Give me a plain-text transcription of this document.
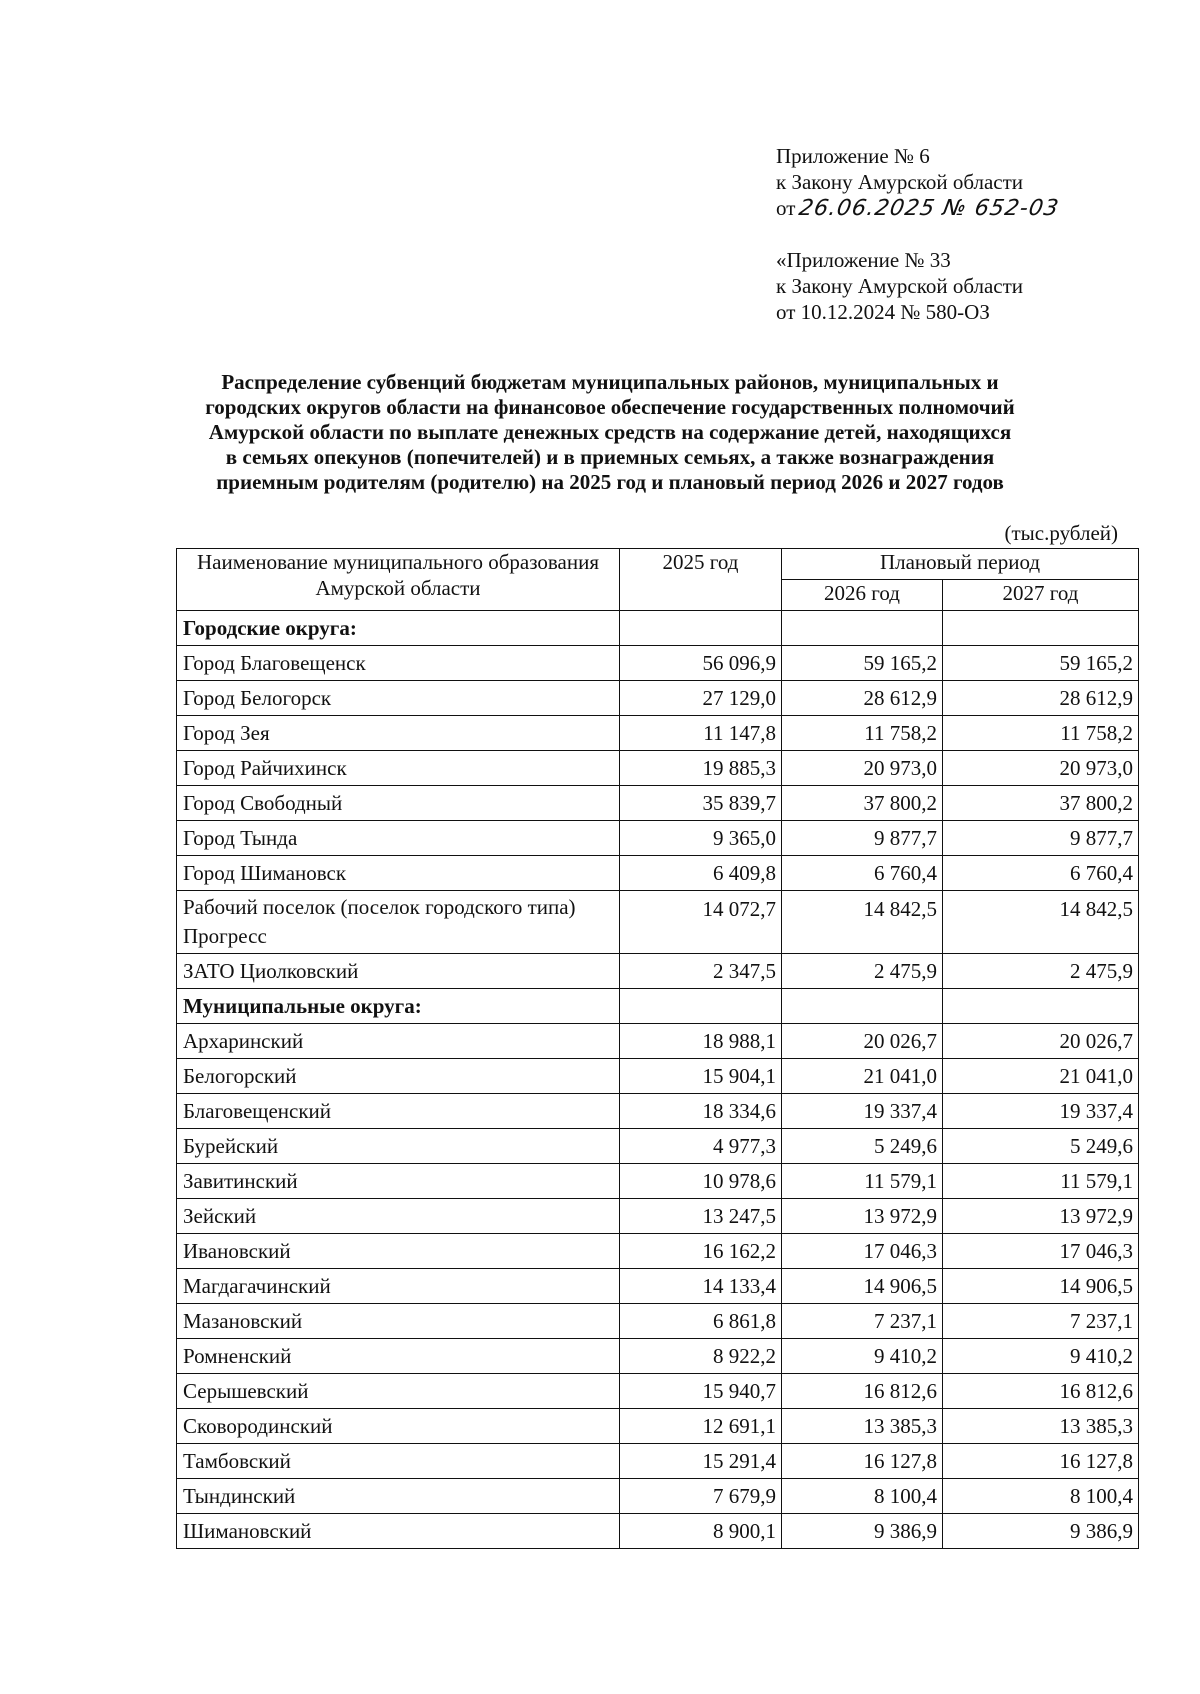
Приложение № 6
к Закону Амурской области
от26.06.2025 № 652-03
«Приложение № 33
к Закону Амурской области
от 10.12.2024 № 580-ОЗ
Распределение субвенций бюджетам муниципальных районов, муниципальных и
городских округов области на финансовое обеспечение государственных полномочий
Амурской области по выплате денежных средств на содержание детей, находящихся
в семьях опекунов (попечителей) и в приемных семьях, а также вознаграждения
приемным родителям (родителю) на 2025 год и плановый период 2026 и 2027 годов
(тыс.рублей)
Наименование муниципального образования Амурской области	2025 год	Плановый период	
		2026 год	2027 год
Городские округа:			
Город Благовещенск	56 096,9	59 165,2	59 165,2
Город Белогорск	27 129,0	28 612,9	28 612,9
Город Зея	11 147,8	11 758,2	11 758,2
Город Райчихинск	19 885,3	20 973,0	20 973,0
Город Свободный	35 839,7	37 800,2	37 800,2
Город Тында	9 365,0	9 877,7	9 877,7
Город Шимановск	6 409,8	6 760,4	6 760,4
Рабочий поселок (поселок городского типа) Прогресс	14 072,7	14 842,5	14 842,5
ЗАТО Циолковский	2 347,5	2 475,9	2 475,9
Муниципальные округа:			
Архаринский	18 988,1	20 026,7	20 026,7
Белогорский	15 904,1	21 041,0	21 041,0
Благовещенский	18 334,6	19 337,4	19 337,4
Бурейский	4 977,3	5 249,6	5 249,6
Завитинский	10 978,6	11 579,1	11 579,1
Зейский	13 247,5	13 972,9	13 972,9
Ивановский	16 162,2	17 046,3	17 046,3
Магдагачинский	14 133,4	14 906,5	14 906,5
Мазановский	6 861,8	7 237,1	7 237,1
Ромненский	8 922,2	9 410,2	9 410,2
Серышевский	15 940,7	16 812,6	16 812,6
Сковородинский	12 691,1	13 385,3	13 385,3
Тамбовский	15 291,4	16 127,8	16 127,8
Тындинский	7 679,9	8 100,4	8 100,4
Шимановский	8 900,1	9 386,9	9 386,9
